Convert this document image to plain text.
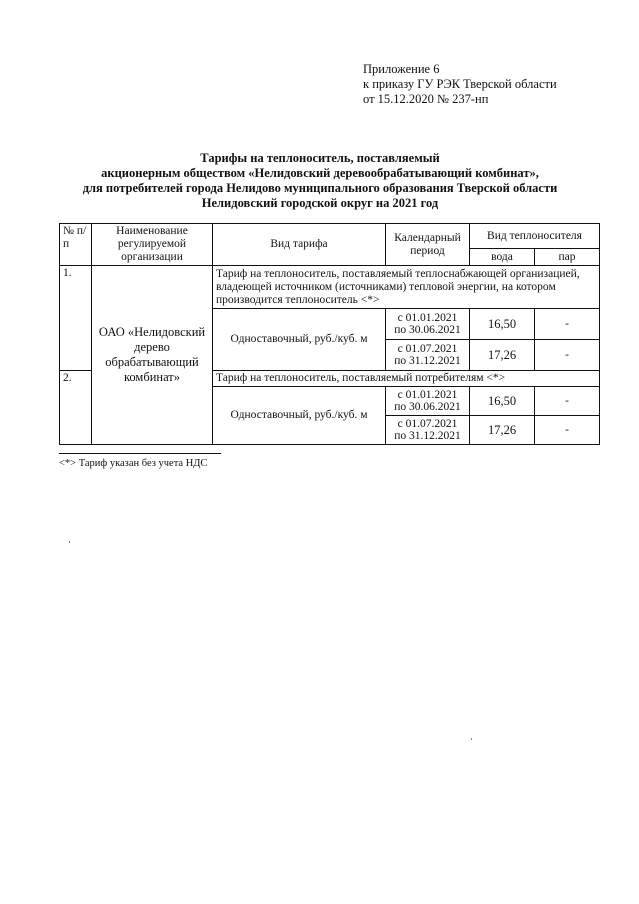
Приложение 6
к приказу ГУ РЭК Тверской области
от 15.12.2020 № 237-нп
Тарифы на теплоноситель, поставляемый
акционерным обществом «Нелидовский деревообрабатывающий комбинат»,
для потребителей города Нелидово муниципального образования Тверской области
Нелидовский городской округ на 2021 год
№ п/п	Наименование регулируемой организации	Вид тарифа	Календарный период	Вид теплоносителя	
				вода	пар
1.	ОАО «Нелидовский дерево обрабатывающий комбинат»	Тариф на теплоноситель, поставляемый теплоснабжающей организацией, владеющей источником (источниками) тепловой энергии, на котором производится теплоноситель <*>			
		Одноставочный, руб./куб. м	с 01.01.2021
по 30.06.2021	16,50	-

			с 01.07.2021
по 31.12.2021	17,26	-
2.		Тариф на теплоноситель, поставляемый потребителям <*>			
		Одноставочный, руб./куб. м	с 01.01.2021
по 30.06.2021	16,50	-

			с 01.07.2021
по 31.12.2021	17,26	-
<*> Тариф указан без учета НДС
